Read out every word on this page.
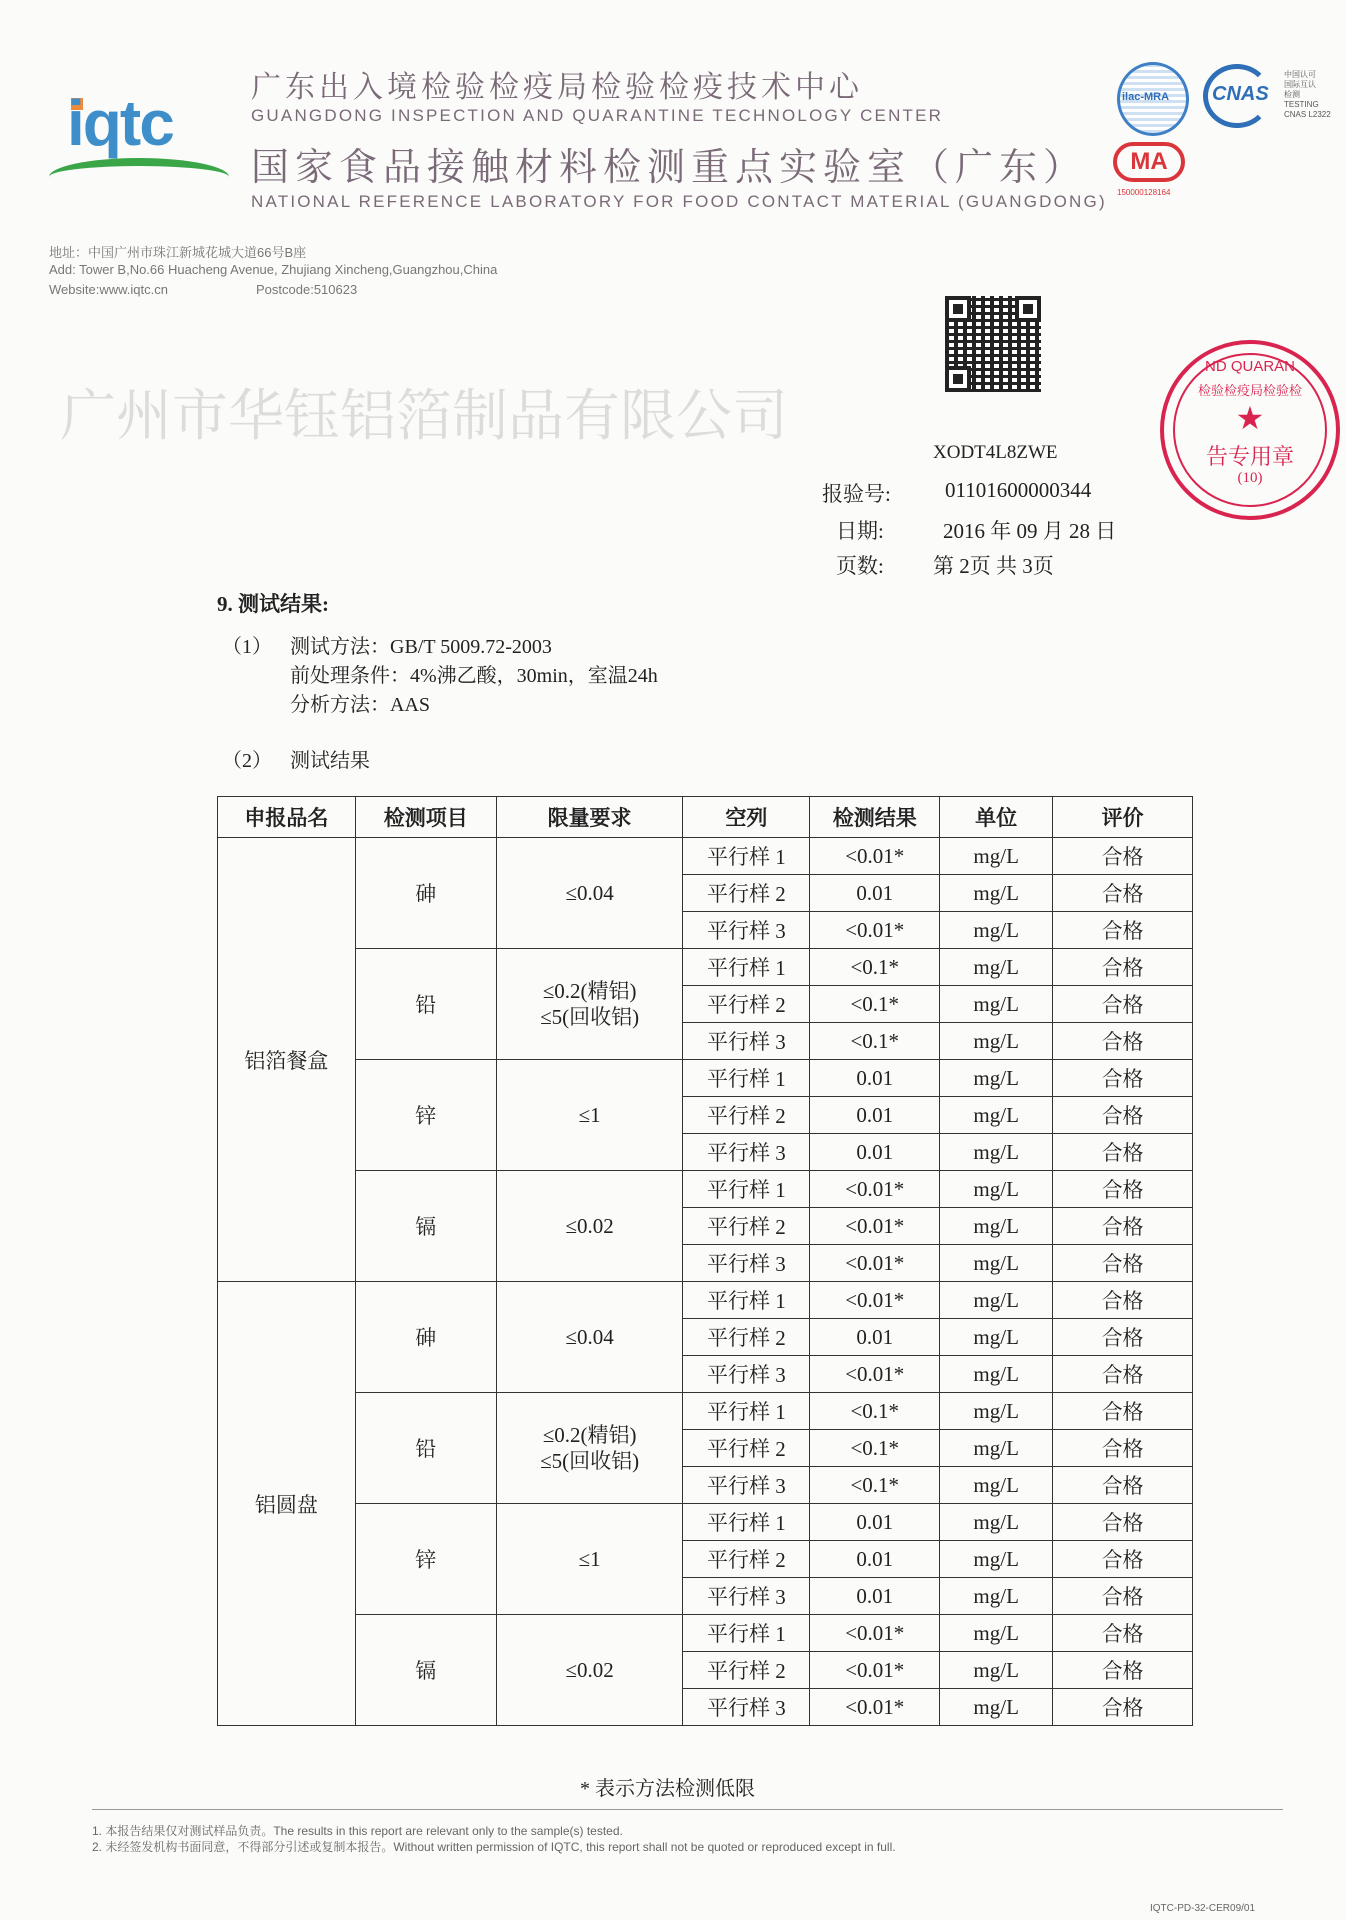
iqtc	广东出入境检验检疫局检验检疫技术中心
GUANGDONG INSPECTION AND QUARANTINE TECHNOLOGY CENTER
国家食品接触材料检测重点实验室（广东）
NATIONAL REFERENCE LABORATORY FOR FOOD CONTACT MATERIAL (GUANGDONG)
ilac-MRA CNAS
中国认可
国际互认
检测
TESTING
CNAS L2322
MA
150000128164
地址：中国广州市珠江新城花城大道66号B座
Add: Tower B,No.66 Huacheng Avenue, Zhujiang Xincheng,Guangzhou,China
Website:www.iqtc.cn	Postcode:510623
XODT4L8ZWE
报验号:	01101600000344
日期:	2016 年 09 月 28 日
页数: 第 2页 共 3页
ND QUARAN
检验检疫局检验检
★
告专用章
(10)
广州市华钰铝箔制品有限公司
9. 测试结果:
（1） 测试方法：GB/T 5009.72-2003
前处理条件：4%沸乙酸，30min，室温24h
分析方法：AAS
（2） 测试结果
申报品名	检测项目	限量要求	空列	检测结果	单位	评价
铝箔餐盒	砷	≤0.04	平行样 1	<0.01*	mg/L	合格
			平行样 2	0.01	mg/L	合格
			平行样 3	<0.01*	mg/L	合格
	铅	≤0.2(精铝)
≤5(回收铝)	平行样 1	<0.1*	mg/L	合格
			平行样 2	<0.1*	mg/L	合格
			平行样 3	<0.1*	mg/L	合格
	锌	≤1	平行样 1	0.01	mg/L	合格
			平行样 2	0.01	mg/L	合格
			平行样 3	0.01	mg/L	合格
	镉	≤0.02	平行样 1	<0.01*	mg/L	合格
			平行样 2	<0.01*	mg/L	合格
			平行样 3	<0.01*	mg/L	合格
铝圆盘	砷	≤0.04	平行样 1	<0.01*	mg/L	合格
			平行样 2	0.01	mg/L	合格
			平行样 3	<0.01*	mg/L	合格
	铅	≤0.2(精铝)
≤5(回收铝)	平行样 1	<0.1*	mg/L	合格
			平行样 2	<0.1*	mg/L	合格
			平行样 3	<0.1*	mg/L	合格
	锌	≤1	平行样 1	0.01	mg/L	合格
			平行样 2	0.01	mg/L	合格
			平行样 3	0.01	mg/L	合格
	镉	≤0.02	平行样 1	<0.01*	mg/L	合格
			平行样 2	<0.01*	mg/L	合格
			平行样 3	<0.01*	mg/L	合格
* 表示方法检测低限
1. 本报告结果仅对测试样品负责。The results in this report are relevant only to the sample(s) tested.
2. 未经签发机构书面同意，不得部分引述或复制本报告。Without written permission of IQTC, this report shall not be quoted or reproduced except in full.
IQTC-PD-32-CER09/01
